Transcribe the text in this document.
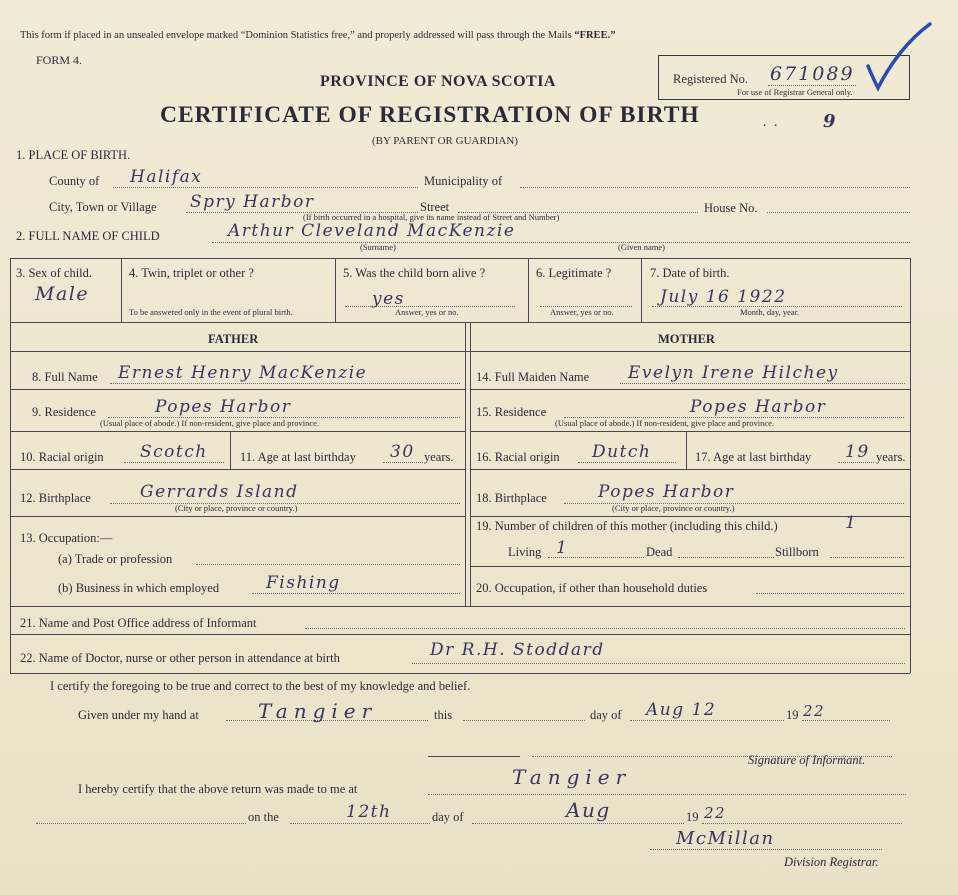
This form if placed in an unsealed envelope marked “Dominion Statistics free,” and properly addressed will pass through the Mails “FREE.”
FORM 4.
PROVINCE OF NOVA SCOTIA
CERTIFICATE OF REGISTRATION OF BIRTH
(BY PARENT OR GUARDIAN)
9
Registered No. 671089
For use of Registrar General only.
. .
1. PLACE OF BIRTH.
County of Halifax	Municipality of
City, Town or Village Spry Harbor	Street	House No.
(If birth occurred in a hospital, give its name instead of Street and Number)
2. FULL NAME OF CHILD	Arthur Cleveland MacKenzie
(Surname)	(Given name)
3. Sex of child.
Male
4. Twin, triplet or other ?
To be answered only in the event of plural birth.
5. Was the child born alive ?
yes
Answer, yes or no.
6. Legitimate ?
Answer, yes or no.
7. Date of birth.
July 16 1922
Month, day, year.
FATHER	MOTHER
8. Full Name Ernest Henry MacKenzie
9. Residence	Popes Harbor
(Usual place of abode.) If non-resident, give place and province.
10. Racial origin Scotch	11. Age at last birthday 30 years.
12. Birthplace	Gerrards Island
(City or place, province or country.)
13. Occupation:—
(a) Trade or profession
(b) Business in which employed	Fishing
14. Full Maiden Name Evelyn Irene Hilchey
15. Residence	Popes Harbor
(Usual place of abode.) If non-resident, give place and province.
16. Racial origin Dutch	17. Age at last birthday 19 years.
18. Birthplace	Popes Harbor
(City or place, province or country.)
19. Number of children of this mother (including this child.)	1
Living 1	Dead	Stillborn
20. Occupation, if other than household duties
21. Name and Post Office address of Informant
22. Name of Doctor, nurse or other person in attendance at birth	Dr R.H. Stoddard
I certify the foregoing to be true and correct to the best of my knowledge and belief.
Given under my hand at	Tangier	this	day of Aug 12	19 22
Signature of Informant.
I hereby certify that the above return was made to me at	Tangier
on the	12th	day of	Aug	19 22
McMillan
Division Registrar.
